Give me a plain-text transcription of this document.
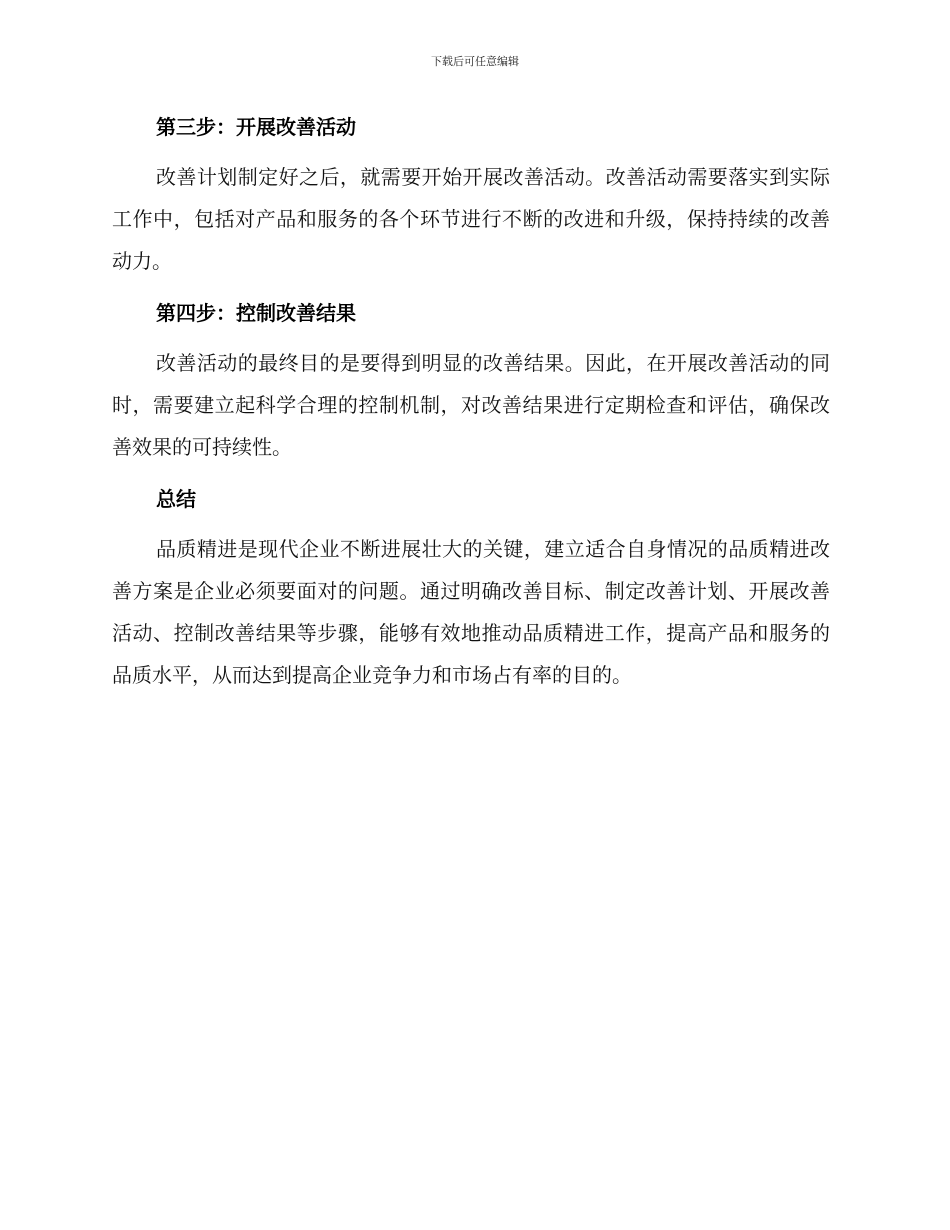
下载后可任意编辑
第三步：开展改善活动

改善计划制定好之后，就需要开始开展改善活动。改善活动需要落实到实际工作中，包括对产品和服务的各个环节进行不断的改进和升级，保持持续的改善动力。

第四步：控制改善结果

改善活动的最终目的是要得到明显的改善结果。因此，在开展改善活动的同时，需要建立起科学合理的控制机制，对改善结果进行定期检查和评估，确保改善效果的可持续性。

总结

品质精进是现代企业不断进展壮大的关键，建立适合自身情况的品质精进改善方案是企业必须要面对的问题。通过明确改善目标、制定改善计划、开展改善活动、控制改善结果等步骤，能够有效地推动品质精进工作，提高产品和服务的品质水平，从而达到提高企业竞争力和市场占有率的目的。
